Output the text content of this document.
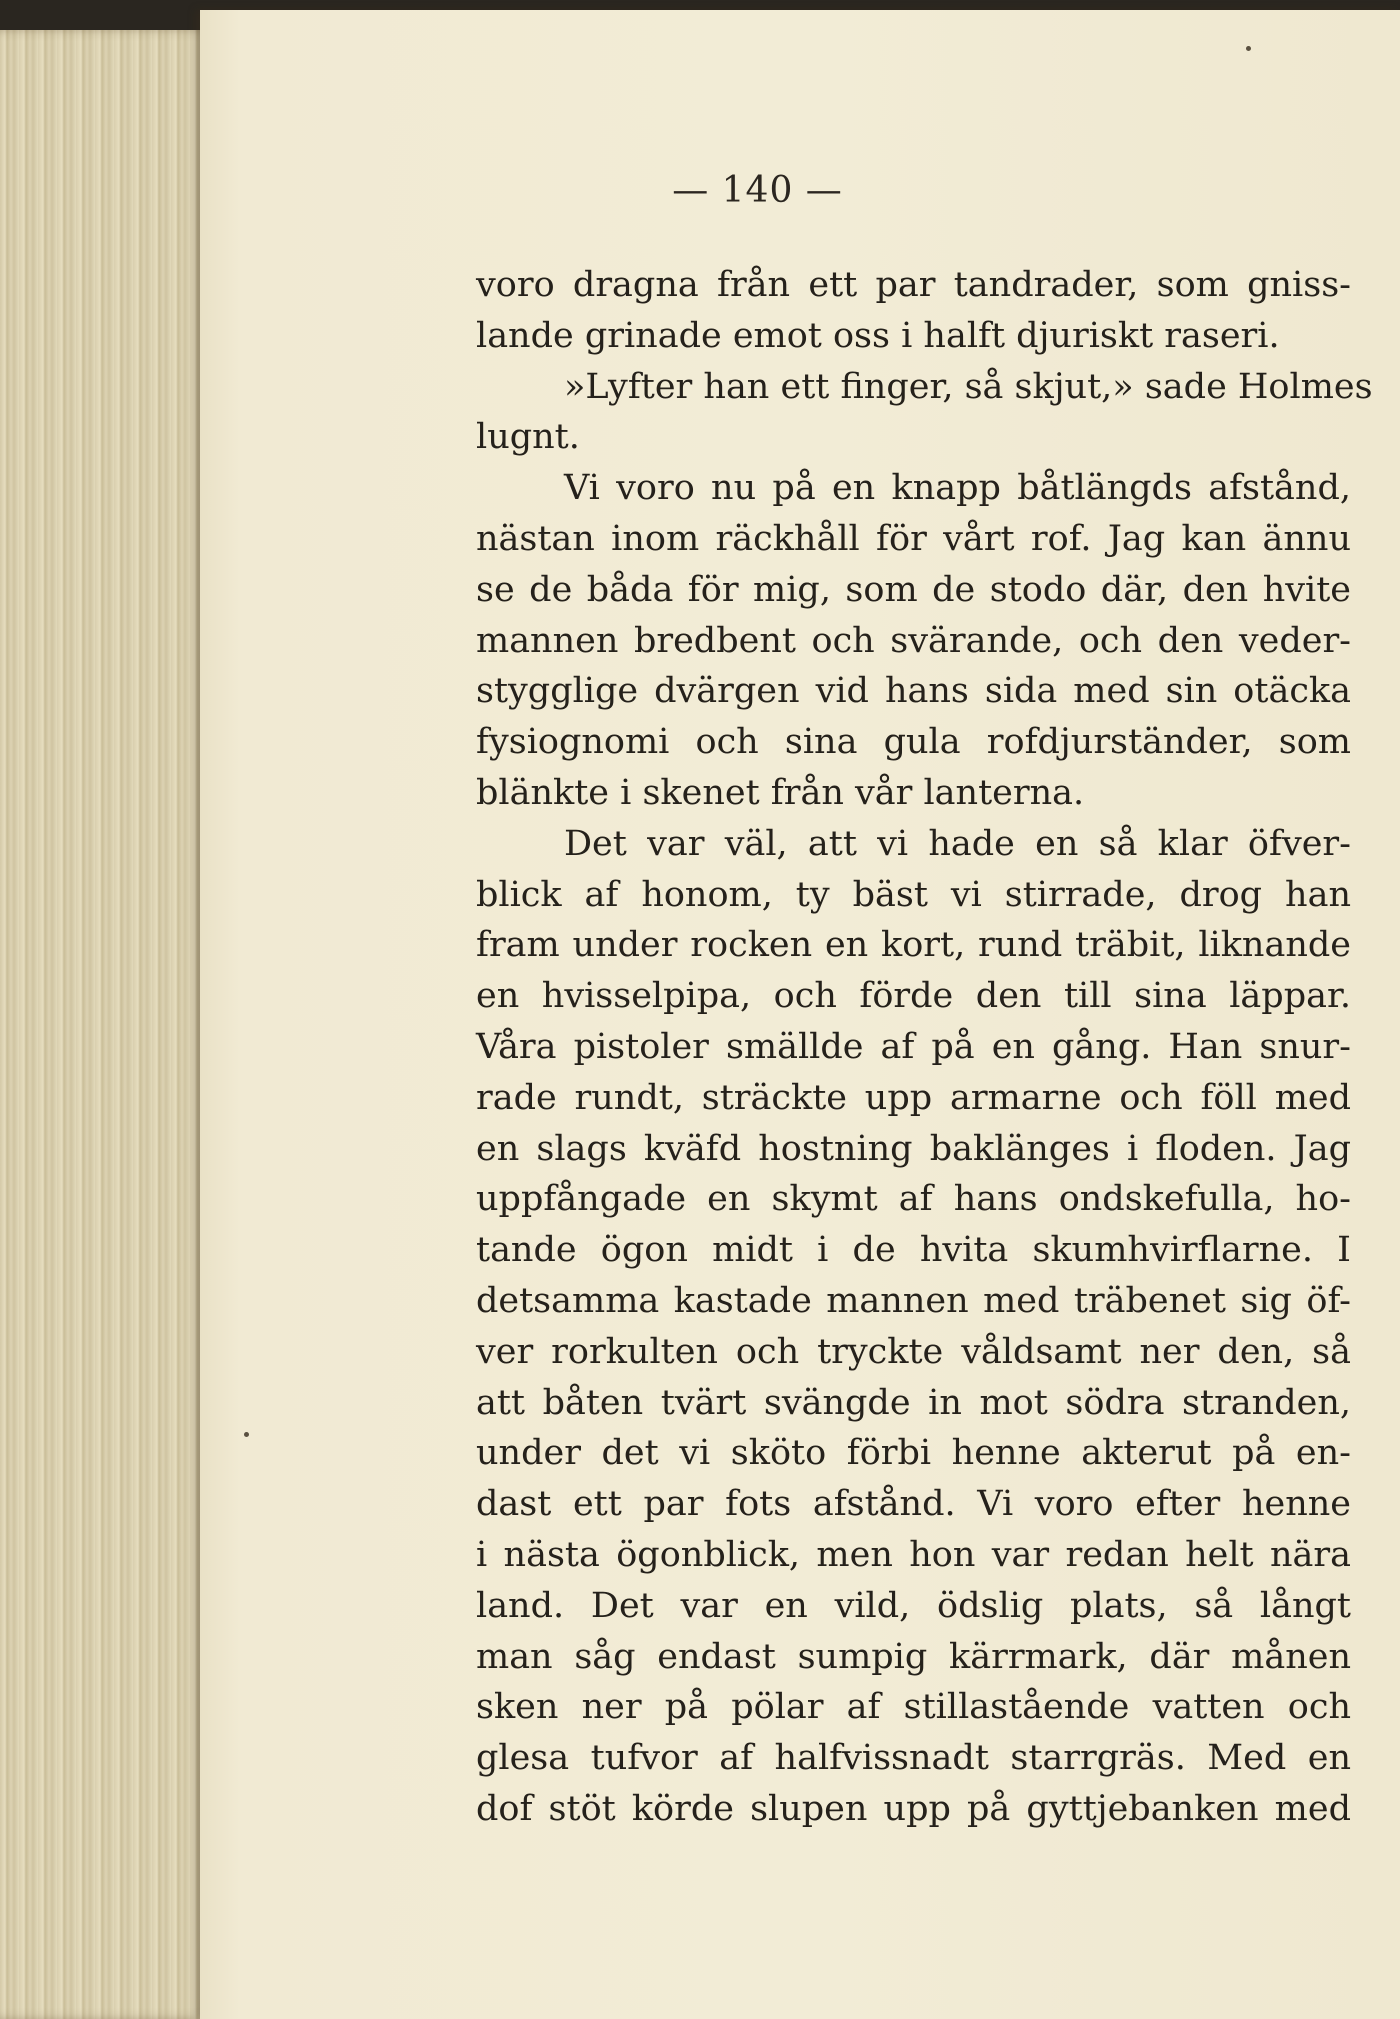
— 140 —
voro dragna från ett par tandrader, som gniss-
lande grinade emot oss i halft djuriskt raseri.
»Lyfter han ett finger, så skjut,» sade Holmes
lugnt.
Vi voro nu på en knapp båtlängds afstånd,
nästan inom räckhåll för vårt rof. Jag kan ännu
se de båda för mig, som de stodo där, den hvite
mannen bredbent och svärande, och den veder-
stygglige dvärgen vid hans sida med sin otäcka
fysiognomi och sina gula rofdjurständer, som
blänkte i skenet från vår lanterna.
Det var väl, att vi hade en så klar öfver-
blick af honom, ty bäst vi stirrade, drog han
fram under rocken en kort, rund träbit, liknande
en hvisselpipa, och förde den till sina läppar.
Våra pistoler smällde af på en gång. Han snur-
rade rundt, sträckte upp armarne och föll med
en slags kväfd hostning baklänges i floden. Jag
uppfångade en skymt af hans ondskefulla, ho-
tande ögon midt i de hvita skumhvirflarne. I
detsamma kastade mannen med träbenet sig öf-
ver rorkulten och tryckte våldsamt ner den, så
att båten tvärt svängde in mot södra stranden,
under det vi sköto förbi henne akterut på en-
dast ett par fots afstånd. Vi voro efter henne
i nästa ögonblick, men hon var redan helt nära
land. Det var en vild, ödslig plats, så långt
man såg endast sumpig kärrmark, där månen
sken ner på pölar af stillastående vatten och
glesa tufvor af halfvissnadt starrgräs. Med en
dof stöt körde slupen upp på gyttjebanken med
